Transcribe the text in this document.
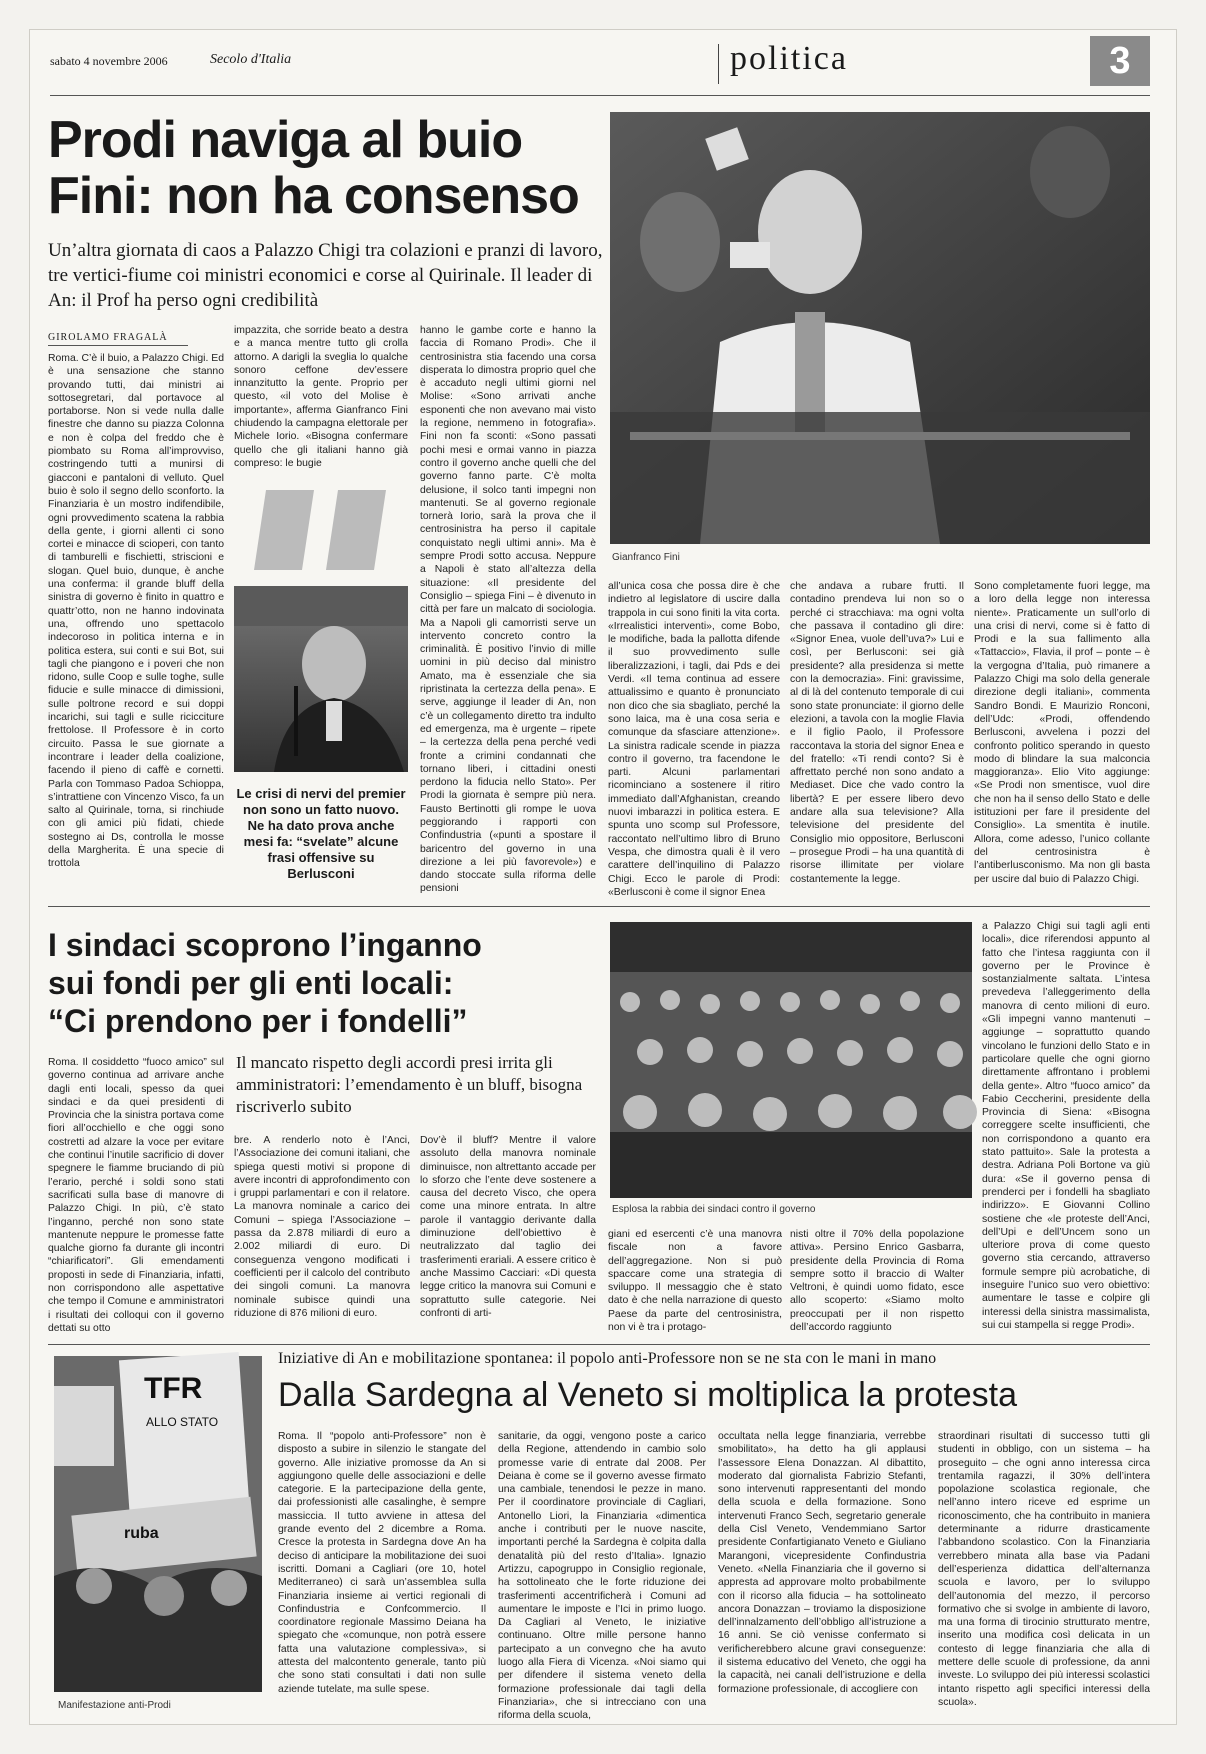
sabato 4 novembre 2006	Secolo d'Italia	politica	3
Prodi naviga al buio
Fini: non ha consenso
Un’altra giornata di caos a Palazzo Chigi tra colazioni e pranzi di lavoro, tre vertici-fiume coi ministri economici e corse al Quirinale. Il leader di An: il Prof ha perso ogni credibilità
GIROLAMO FRAGALÀ
Roma. C’è il buio, a Palazzo Chigi. Ed è una sensazione che stanno provando tutti, dai ministri ai sottosegretari, dal portavoce al portaborse. Non si vede nulla dalle finestre che danno su piazza Colonna e non è colpa del freddo che è piombato su Roma all’improvviso, costringendo tutti a munirsi di giacconi e pantaloni di velluto. Quel buio è solo il segno dello sconforto. la Finanziaria è un mostro indifendibile, ogni provvedimento scatena la rabbia della gente, i giorni allenti ci sono cortei e minacce di scioperi, con tanto di tamburelli e fischietti, striscioni e slogan. Quel buio, dunque, è anche una conferma: il grande bluff della sinistra di governo è finito in quattro e quattr’otto, non ne hanno indovinata una, offrendo uno spettacolo indecoroso in politica interna e in politica estera, sui conti e sui Bot, sui tagli che piangono e i poveri che non ridono, sulle Coop e sulle toghe, sulle fiducie e sulle minacce di dimissioni, sulle poltrone record e sui doppi incarichi, sui tagli e sulle ricicciture frettolose. Il Professore è in corto circuito. Passa le sue giornate a incontrare i leader della coalizione, facendo il pieno di caffè e cornetti. Parla con Tommaso Padoa Schioppa, s’intrattiene con Vincenzo Visco, fa un salto al Quirinale, torna, si rinchiude con gli amici più fidati, chiede sostegno ai Ds, controlla le mosse della Margherita. È una specie di trottola
impazzita, che sorride beato a destra e a manca mentre tutto gli crolla attorno. A darigli la sveglia lo qualche sonoro ceffone dev’essere innanzitutto la gente. Proprio per questo, «il voto del Molise è importante», afferma Gianfranco Fini chiudendo la campagna elettorale per Michele Iorio. «Bisogna confermare quello che gli italiani hanno già compreso: le bugie
Le crisi di nervi del premier non sono un fatto nuovo. Ne ha dato prova anche mesi fa: “svelate” alcune frasi offensive su Berlusconi
hanno le gambe corte e hanno la faccia di Romano Prodi». Che il centrosinistra stia facendo una corsa disperata lo dimostra proprio quel che è accaduto negli ultimi giorni nel Molise: «Sono arrivati anche esponenti che non avevano mai visto la regione, nemmeno in fotografia». Fini non fa sconti: «Sono passati pochi mesi e ormai vanno in piazza contro il governo anche quelli che del governo fanno parte. C’è molta delusione, il solco tanti impegni non mantenuti. Se al governo regionale tornerà Iorio, sarà la prova che il centrosinistra ha perso il capitale conquistato negli ultimi anni». Ma è sempre Prodi sotto accusa. Neppure a Napoli è stato all’altezza della situazione: «Il presidente del Consiglio – spiega Fini – è divenuto in città per fare un malcato di sociologia. Ma a Napoli gli camorristi serve un intervento concreto contro la criminalità. È positivo l’invio di mille uomini in più deciso dal ministro Amato, ma è essenziale che sia ripristinata la certezza della pena». E serve, aggiunge il leader di An, non c’è un collegamento diretto tra indulto ed emergenza, ma è urgente – ripete – la certezza della pena perché vedi fronte a crimini condannati che tornano liberi, i cittadini onesti perdono la fiducia nello Stato». Per Prodi la giornata è sempre più nera. Fausto Bertinotti gli rompe le uova peggiorando i rapporti con Confindustria («punti a spostare il baricentro del governo in una direzione a lei più favorevole») e dando stoccate sulla riforma delle pensioni
Gianfranco Fini
all’unica cosa che possa dire è che indietro al legislatore di uscire dalla trappola in cui sono finiti la vita corta. «Irrealistici interventi», come Bobo, le modifiche, bada la pallotta difende il suo provvedimento sulle liberalizzazioni, i tagli, dai Pds e dei Verdi. «Il tema continua ad essere attualissimo e quanto è pronunciato non dico che sia sbagliato, perché la sono laica, ma è una cosa seria e comunque da sfasciare attenzione». La sinistra radicale scende in piazza contro il governo, tra facendone le parti. Alcuni parlamentari ricominciano a sostenere il ritiro immediato dall’Afghanistan, creando nuovi imbarazzi in politica estera. E spunta uno scomp sul Professore, raccontato nell’ultimo libro di Bruno Vespa, che dimostra quali è il vero carattere dell’inquilino di Palazzo Chigi. Ecco le parole di Prodi: «Berlusconi è come il signor Enea
che andava a rubare frutti. Il contadino prendeva lui non so o perché ci stracchiava: ma ogni volta che passava il contadino gli dire: «Signor Enea, vuole dell’uva?» Lui e così, per Berlusconi: sei già presidente? alla presidenza si mette con la democrazia». Fini: gravissime, al di là del contenuto temporale di cui sono state pronunciate: il giorno delle elezioni, a tavola con la moglie Flavia e il figlio Paolo, il Professore raccontava la storia del signor Enea e del fratello: «Ti rendi conto? Si è affrettato perché non sono andato a Mediaset. Dice che vado contro la libertà? E per essere libero devo andare alla sua televisione? Alla televisione del presidente del Consiglio mio oppositore, Berlusconi – prosegue Prodi – ha una quantità di risorse illimitate per violare costantemente la legge.
Sono completamente fuori legge, ma a loro della legge non interessa niente». Praticamente un sull’orlo di una crisi di nervi, come si è fatto di Prodi e la sua fallimento alla «Tattaccio», Flavia, il prof – ponte – è la vergogna d’Italia, può rimanere a Palazzo Chigi ma solo della generale direzione degli italiani», commenta Sandro Bondi. E Maurizio Ronconi, dell’Udc: «Prodi, offendendo Berlusconi, avvelena i pozzi del confronto politico sperando in questo modo di blindare la sua malconcia maggioranza». Elio Vito aggiunge: «Se Prodi non smentisce, vuol dire che non ha il senso dello Stato e delle istituzioni per fare il presidente del Consiglio». La smentita è inutile. Allora, come adesso, l’unico collante del centrosinistra è l’antiberlusconismo. Ma non gli basta per uscire dal buio di Palazzo Chigi.
I sindaci scoprono l’inganno
sui fondi per gli enti locali:
“Ci prendono per i fondelli”
Il mancato rispetto degli accordi presi irrita gli amministratori: l’emendamento è un bluff, bisogna riscriverlo subito
Roma. Il cosiddetto “fuoco amico” sul governo continua ad arrivare anche dagli enti locali, spesso da quei sindaci e da quei presidenti di Provincia che la sinistra portava come fiori all’occhiello e che oggi sono costretti ad alzare la voce per evitare che continui l’inutile sacrificio di dover spegnere le fiamme bruciando di più l’erario, perché i soldi sono stati sacrificati sulla base di manovre di Palazzo Chigi. In più, c’è stato l’inganno, perché non sono state mantenute neppure le promesse fatte qualche giorno fa durante gli incontri “chiarificatori”. Gli emendamenti proposti in sede di Finanziaria, infatti, non corrispondono alle aspettative che tempo il Comune e amministratori i risultati dei colloqui con il governo dettati su otto
bre. A renderlo noto è l’Anci, l’Associazione dei comuni italiani, che spiega questi motivi si propone di avere incontri di approfondimento con i gruppi parlamentari e con il relatore. La manovra nominale a carico dei Comuni – spiega l’Associazione – passa da 2.878 miliardi di euro a 2.002 miliardi di euro. Di conseguenza vengono modificati i coefficienti per il calcolo del contributo dei singoli comuni. La manovra nominale subisce quindi una riduzione di 876 milioni di euro.
Dov’è il bluff? Mentre il valore assoluto della manovra nominale diminuisce, non altrettanto accade per lo sforzo che l’ente deve sostenere a causa del decreto Visco, che opera come una minore entrata. In altre parole il vantaggio derivante dalla diminuzione dell’obiettivo è neutralizzato dal taglio dei trasferimenti erariali. A essere critico è anche Massimo Cacciari: «Di questa legge critico la manovra sui Comuni e soprattutto sulle categorie. Nei confronti di arti-
Esplosa la rabbia dei sindaci contro il governo
giani ed esercenti c’è una manovra fiscale non a favore dell’aggregazione. Non si può spaccare come una strategia di sviluppo. Il messaggio che è stato dato è che nella narrazione di questo Paese da parte del centrosinistra, non vi è tra i protago-
nisti oltre il 70% della popolazione attiva». Persino Enrico Gasbarra, presidente della Provincia di Roma sempre sotto il braccio di Walter Veltroni, è quindi uomo fidato, esce allo scoperto: «Siamo molto preoccupati per il non rispetto dell’accordo raggiunto
a Palazzo Chigi sui tagli agli enti locali», dice riferendosi appunto al fatto che l’intesa raggiunta con il governo per le Province è sostanzialmente saltata. L’intesa prevedeva l’alleggerimento della manovra di cento milioni di euro. «Gli impegni vanno mantenuti – aggiunge – soprattutto quando vincolano le funzioni dello Stato e in particolare quelle che ogni giorno direttamente affrontano i problemi della gente». Altro “fuoco amico” da Fabio Ceccherini, presidente della Provincia di Siena: «Bisogna correggere scelte insufficienti, che non corrispondono a quanto era stato pattuito». Sale la protesta a destra. Adriana Poli Bortone va giù dura: «Se il governo pensa di prenderci per i fondelli ha sbagliato indirizzo». E Giovanni Collino sostiene che «le proteste dell’Anci, dell’Upi e dell’Uncem sono un ulteriore prova di come questo governo stia cercando, attraverso formule sempre più acrobatiche, di inseguire l’unico suo vero obiettivo: aumentare le tasse e colpire gli interessi della sinistra massimalista, sui cui stampella si regge Prodi».
TFR
ALLO STATO
ruba
Manifestazione anti-Prodi
Iniziative di An e mobilitazione spontanea: il popolo anti-Professore non se ne sta con le mani in mano
Dalla Sardegna al Veneto si moltiplica la protesta
Roma. Il “popolo anti-Professore” non è disposto a subire in silenzio le stangate del governo. Alle iniziative promosse da An si aggiungono quelle delle associazioni e delle categorie. E la partecipazione della gente, dai professionisti alle casalinghe, è sempre massiccia. Il tutto avviene in attesa del grande evento del 2 dicembre a Roma. Cresce la protesta in Sardegna dove An ha deciso di anticipare la mobilitazione dei suoi iscritti. Domani a Cagliari (ore 10, hotel Mediterraneo) ci sarà un’assemblea sulla Finanziaria insieme ai vertici regionali di Confindustria e Confcommercio. Il coordinatore regionale Massimo Deiana ha spiegato che «comunque, non potrà essere fatta una valutazione complessiva», si attesta del malcontento generale, tanto più che sono stati consultati i dati non sulle aziende tutelate, ma sulle spese.
sanitarie, da oggi, vengono poste a carico della Regione, attendendo in cambio solo promesse varie di entrate dal 2008. Per Deiana è come se il governo avesse firmato una cambiale, tenendosi le pezze in mano. Per il coordinatore provinciale di Cagliari, Antonello Liori, la Finanziaria «dimentica anche i contributi per le nuove nascite, importanti perché la Sardegna è colpita dalla denatalità più del resto d’Italia». Ignazio Artizzu, capogruppo in Consiglio regionale, ha sottolineato che le forte riduzione dei trasferimenti accentrificherà i Comuni ad aumentare le imposte e l’Ici in primo luogo. Da Cagliari al Veneto, le iniziative continuano. Oltre mille persone hanno partecipato a un convegno che ha avuto luogo alla Fiera di Vicenza. «Noi siamo qui per difendere il sistema veneto della formazione professionale dai tagli della Finanziaria», che si intrecciano con una riforma della scuola,
occultata nella legge finanziaria, verrebbe smobilitato», ha detto ha gli applausi l’assessore Elena Donazzan. Al dibattito, moderato dal giornalista Fabrizio Stefanti, sono intervenuti rappresentanti del mondo della scuola e della formazione. Sono intervenuti Franco Sech, segretario generale della Cisl Veneto, Vendemmiano Sartor presidente Confartigianato Veneto e Giuliano Marangoni, vicepresidente Confindustria Veneto. «Nella Finanziaria che il governo si appresta ad approvare molto probabilmente con il ricorso alla fiducia – ha sottolineato ancora Donazzan – troviamo la disposizione dell’innalzamento dell’obbligo all’istruzione a 16 anni. Se ciò venisse confermato si verificherebbero alcune gravi conseguenze: il sistema educativo del Veneto, che oggi ha la capacità, nei canali dell’istruzione e della formazione professionale, di accogliere con
straordinari risultati di successo tutti gli studenti in obbligo, con un sistema – ha proseguito – che ogni anno interessa circa trentamila ragazzi, il 30% dell’intera popolazione scolastica regionale, che nell’anno intero riceve ed esprime un riconoscimento, che ha contribuito in maniera determinante a ridurre drasticamente l’abbandono scolastico. Con la Finanziaria verrebbero minata alla base via Padani dell’esperienza didattica dell’alternanza scuola e lavoro, per lo sviluppo dell’autonomia del mezzo, il percorso formativo che si svolge in ambiente di lavoro, ma una forma di tirocinio strutturato mentre, inserito una modifica così delicata in un contesto di legge finanziaria che alla di mettere delle scuole di professione, da anni investe. Lo sviluppo dei più interessi scolastici intanto rispetto agli specifici interessi della scuola».
